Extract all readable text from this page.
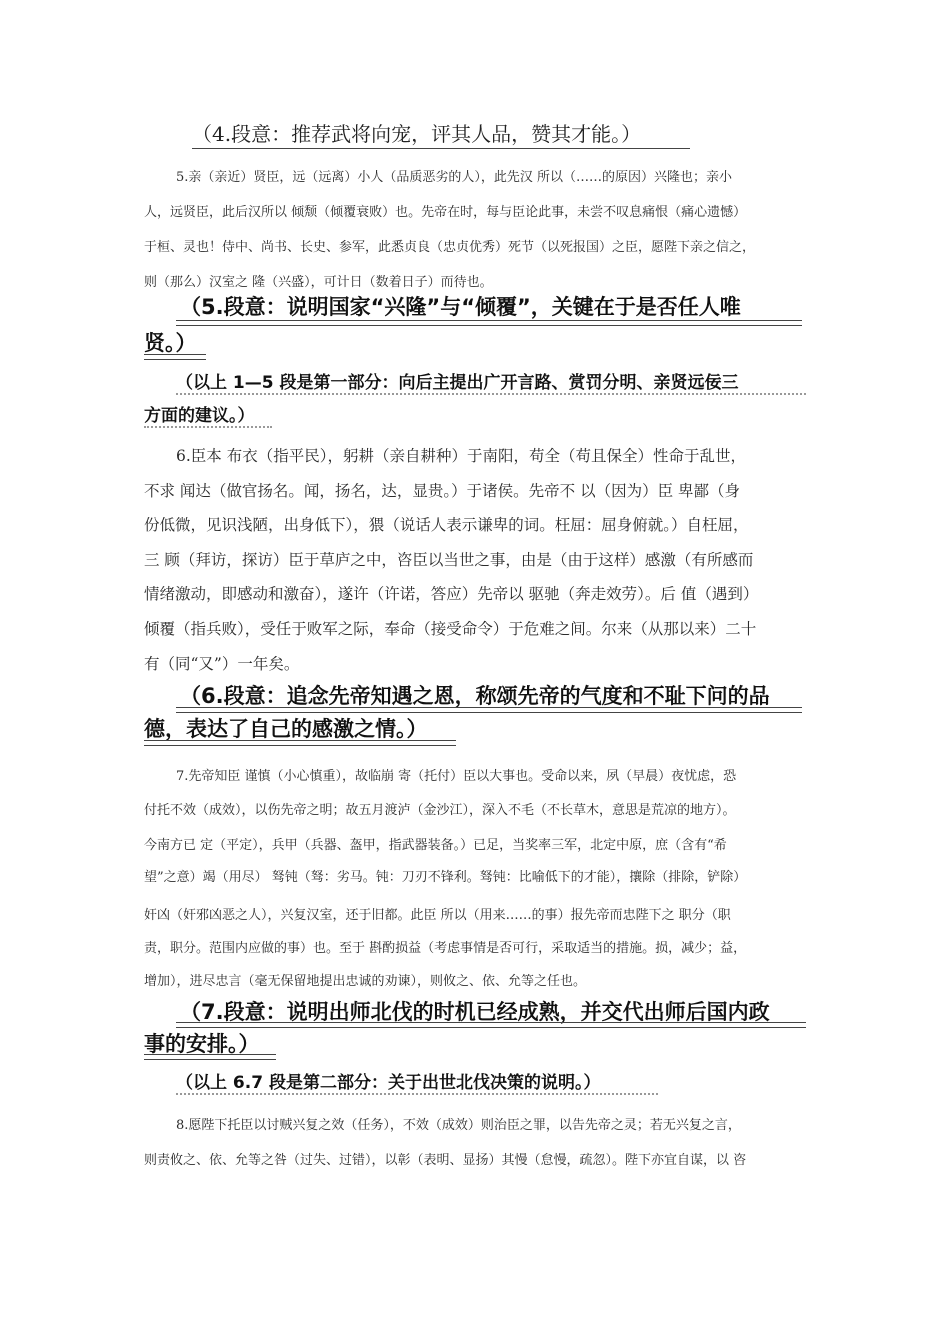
（4.段意：推荐武将向宠，评其人品，赞其才能。）
5.亲（亲近）贤臣，远（远离）小人（品质恶劣的人），此先汉 所以（……的原因）兴隆也；亲小
人，远贤臣，此后汉所以 倾颓（倾覆衰败）也。先帝在时，每与臣论此事，未尝不叹息痛恨（痛心遗憾）
于桓、灵也！侍中、尚书、长史、参军，此悉贞良（忠贞优秀）死节（以死报国）之臣，愿陛下亲之信之，
则（那么）汉室之 隆（兴盛），可计日（数着日子）而待也。
（5.段意：说明国家“兴隆”与“倾覆”，关键在于是否任人唯
贤。）
（以上 1—5 段是第一部分：向后主提出广开言路、赏罚分明、亲贤远佞三
方面的建议。）
6.臣本 布衣（指平民），躬耕（亲自耕种）于南阳，苟全（苟且保全）性命于乱世，
不求 闻达（做官扬名。闻，扬名，达，显贵。）于诸侯。先帝不 以（因为）臣 卑鄙（身
份低微，见识浅陋，出身低下），猥（说话人表示谦卑的词。枉屈：屈身俯就。）自枉屈，
三 顾（拜访，探访）臣于草庐之中，咨臣以当世之事，由是（由于这样）感激（有所感而
情绪激动，即感动和激奋），遂许（许诺，答应）先帝以 驱驰（奔走效劳）。后 值（遇到）
倾覆（指兵败），受任于败军之际，奉命（接受命令）于危难之间。尔来（从那以来）二十
有（同“又”）一年矣。
（6.段意：追念先帝知遇之恩，称颂先帝的气度和不耻下问的品
德，表达了自己的感激之情。）
7.先帝知臣 谨慎（小心慎重），故临崩 寄（托付）臣以大事也。受命以来，夙（早晨）夜忧虑，恐
付托不效（成效），以伤先帝之明；故五月渡泸（金沙江），深入不毛（不长草木，意思是荒凉的地方）。
今南方已 定（平定），兵甲（兵器、盔甲，指武器装备。）已足，当奖率三军，北定中原，庶（含有“希
望”之意）竭（用尽） 驽钝（驽：劣马。钝：刀刃不锋利。驽钝：比喻低下的才能），攘除（排除，铲除）
奸凶（奸邪凶恶之人），兴复汉室，还于旧都。此臣 所以（用来……的事）报先帝而忠陛下之 职分（职
责，职分。范围内应做的事）也。至于 斟酌损益（考虑事情是否可行，采取适当的措施。损，减少；益，
增加），进尽忠言（毫无保留地提出忠诚的劝谏），则攸之、依、允等之任也。
（7.段意：说明出师北伐的时机已经成熟，并交代出师后国内政
事的安排。）
（以上 6.7 段是第二部分：关于出世北伐决策的说明。）
8.愿陛下托臣以讨贼兴复之效（任务），不效（成效）则治臣之罪，以告先帝之灵；若无兴复之言，
则责攸之、依、允等之咎（过失、过错），以彰（表明、显扬）其慢（怠慢，疏忽）。陛下亦宜自谋，以 咨
